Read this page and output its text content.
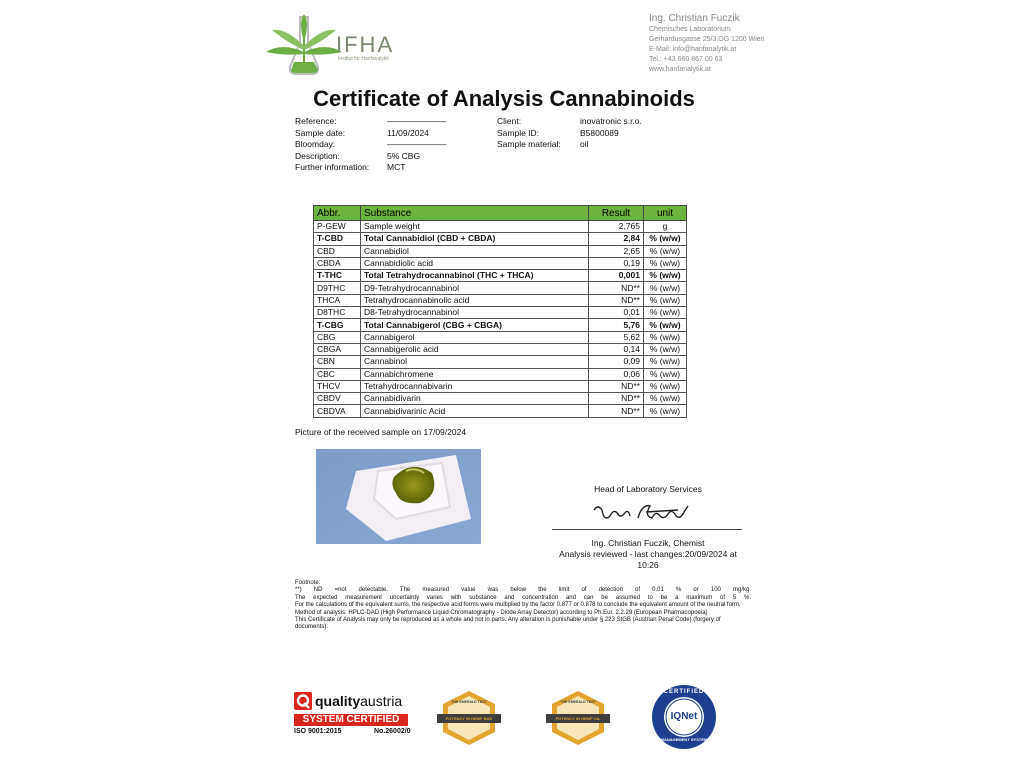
IFHA
Institut für Hanfanalytik
Ing. Christian Fuczik
Chemisches Laboratorium
Gerhardusgasse 25/3.OG 1200 Wien
E-Mail: info@hanfanalytik.at
Tel.: +43 660 867 00 63
www.hanfanalytik.at
Certificate of Analysis Cannabinoids
Reference:	———————
Sample date:	11/09/2024
Bloomday:	———————
Description:	5% CBG
Further information: MCT
Client:	inovatronic s.r.o.
Sample ID:	B5800089
Sample material: oil
Abbr.	Substance	Result	unit
P-GEW	Sample weight	2,765	g
T-CBD	Total Cannabidiol (CBD + CBDA)	2,84	% (w/w)
CBD	Cannabidiol	2,65	% (w/w)
CBDA	Cannabidiolic acid	0,19	% (w/w)
T-THC	Total Tetrahydrocannabinol (THC + THCA)	0,001	% (w/w)
D9THC	D9-Tetrahydrocannabinol	ND**	% (w/w)
THCA	Tetrahydrocannabinolic acid	ND**	% (w/w)
D8THC	D8-Tetrahydrocannabinol	0,01	% (w/w)
T-CBG	Total Cannabigerol (CBG + CBGA)	5,76	% (w/w)
CBG	Cannabigerol	5,62	% (w/w)
CBGA	Cannabigerolic acid	0,14	% (w/w)
CBN	Cannabinol	0,09	% (w/w)
CBC	Cannabichromene	0,06	% (w/w)
THCV	Tetrahydrocannabivarin	ND**	% (w/w)
CBDV	Cannabidivarin	ND**	% (w/w)
CBDVA	Cannabidivarinic Acid	ND**	% (w/w)
Picture of the received sample on 17/09/2024
Head of Laboratory Services
Ing. Christian Fuczik, Chemist
Analysis reviewed - last changes:20/09/2024 at
10:26
Footnote:
**) ND =not detectable. The measured value was below the limit of detection of 0.01 % or 100 mg/kg.
The expected measurement uncertainty varies with substance and concentration and can be assumed to be a maximum of 5 %.
For the calculations of the equivalent sums, the respective acid forms were multiplied by the factor 0.877 or 0.878 to conclude the equivalent amount of the neutral form.
Method of analysis: HPLC-DAD (High Performance Liquid Chromatography - Diode Array Detector) according to Ph.Eur. 2.2.29 (European Pharmacopoeia)
This Certificate of Analysis may only be reproduced as a whole and not in parts. Any alteration is punishable under § 223 StGB (Austrian Penal Code) (forgery of documents).
qualityaustria
SYSTEM CERTIFIED
ISO 9001:2015	No.26002/0
THE EMERALD TEST
POTENCY IN HEMP BUD
THE EMERALD TEST
POTENCY IN HEMP OIL
CERTIFIED
IQNet
MANAGEMENT SYSTEM
